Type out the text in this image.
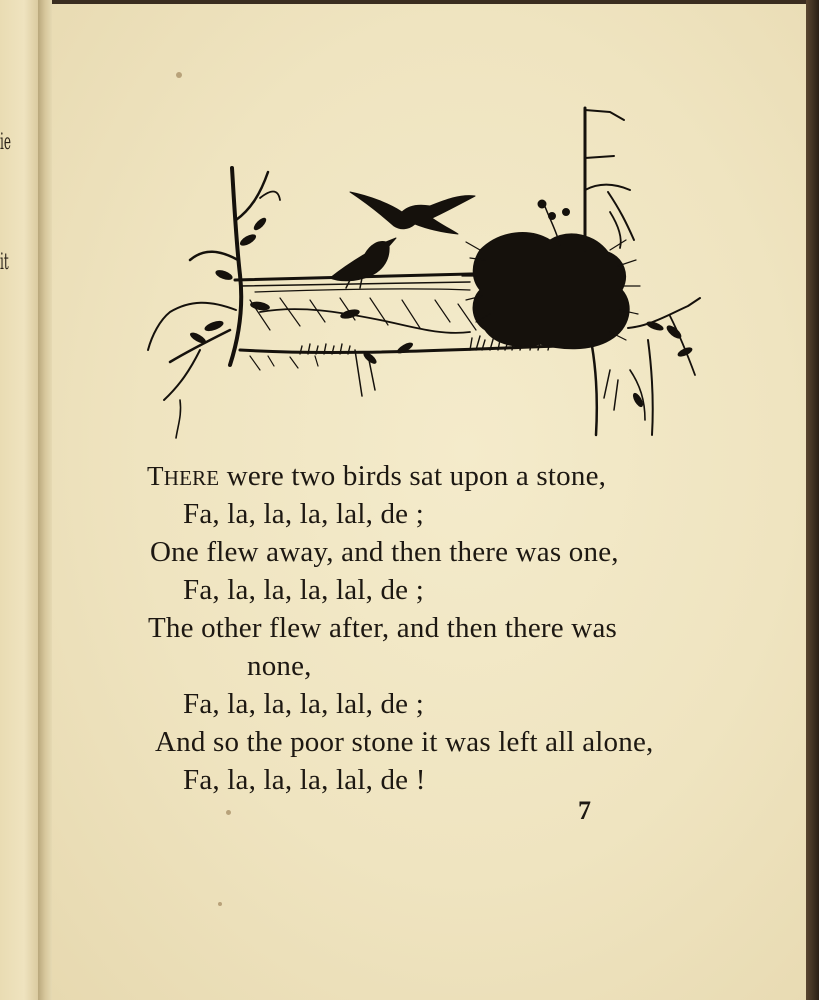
ie
it
THERE were two birds sat upon a stone,
Fa, la, la, la, lal, de ;
One flew away, and then there was one,
Fa, la, la, la, lal, de ;
The other flew after, and then there was
none,
Fa, la, la, la, lal, de ;
And so the poor stone it was left all alone,
Fa, la, la, la, lal, de !
7
